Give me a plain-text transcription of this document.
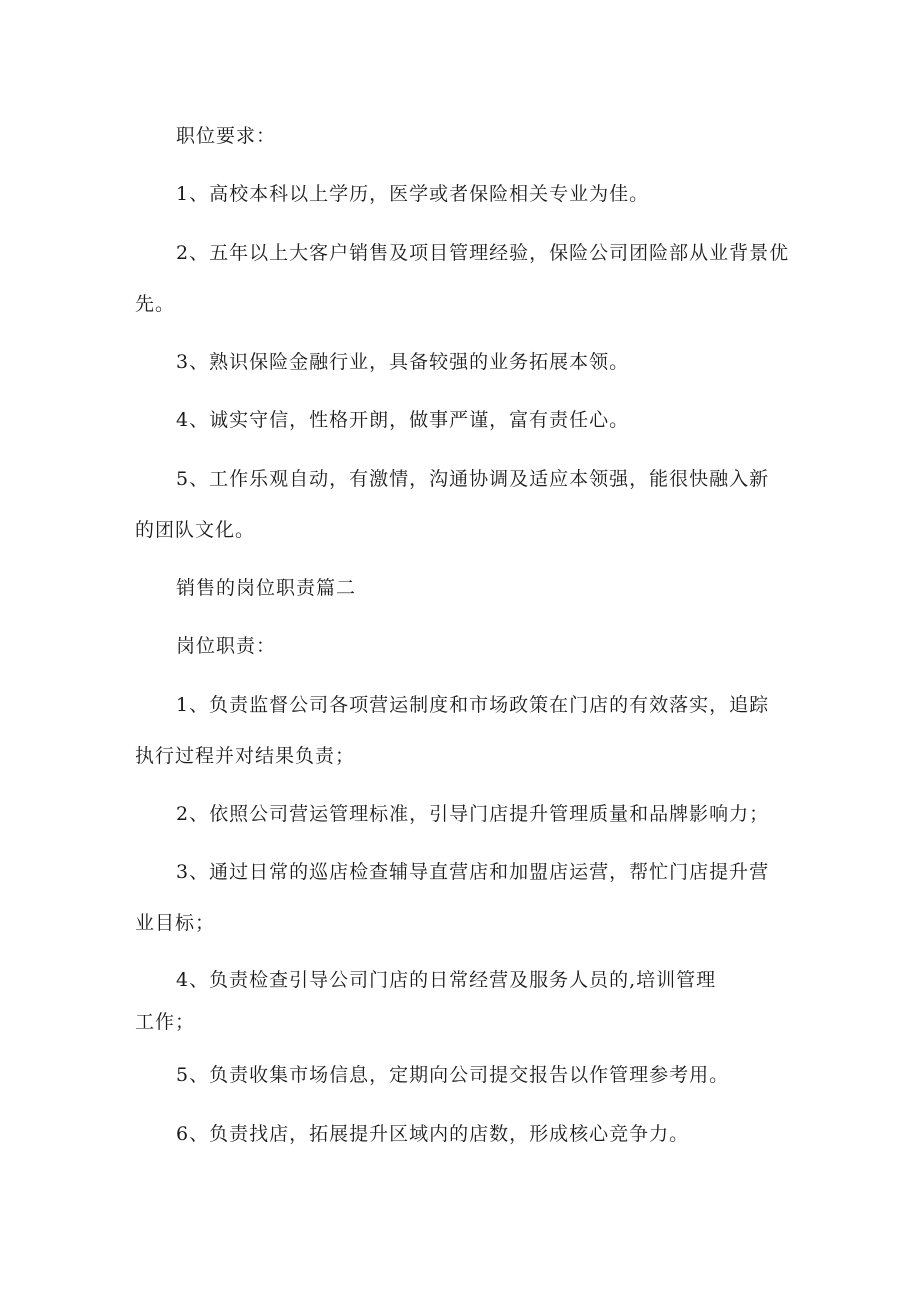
职位要求：
1、高校本科以上学历，医学或者保险相关专业为佳。
2、五年以上大客户销售及项目管理经验，保险公司团险部从业背景优
先。
3、熟识保险金融行业，具备较强的业务拓展本领。
4、诚实守信，性格开朗，做事严谨，富有责任心。
5、工作乐观自动，有激情，沟通协调及适应本领强，能很快融入新
的团队文化。
销售的岗位职责篇二
岗位职责：
1、负责监督公司各项营运制度和市场政策在门店的有效落实，追踪
执行过程并对结果负责；
2、依照公司营运管理标准，引导门店提升管理质量和品牌影响力；
3、通过日常的巡店检查辅导直营店和加盟店运营，帮忙门店提升营
业目标；
4、负责检查引导公司门店的日常经营及服务人员的,培训管理
工作；
5、负责收集市场信息，定期向公司提交报告以作管理参考用。
6、负责找店，拓展提升区域内的店数，形成核心竞争力。
